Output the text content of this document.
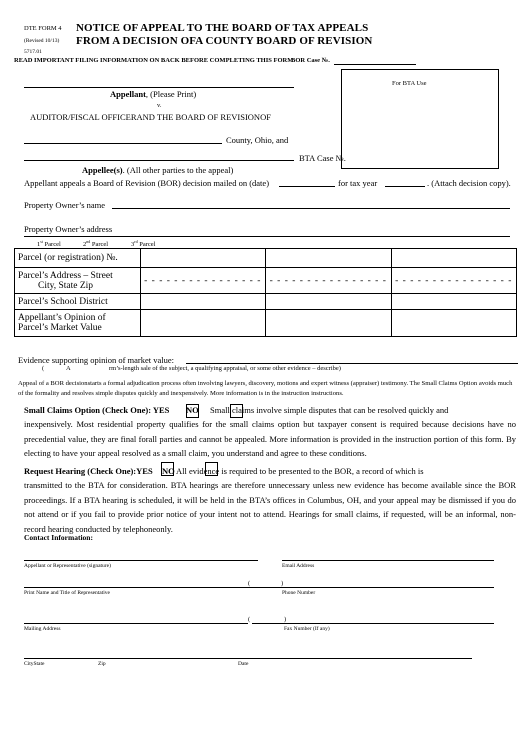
DTE FORM 4
(Revised 10/13)
5717.01
NOTICE OF APPEAL TO THE BOARD OF TAX APPEALS
FROM A DECISION OFA COUNTY BOARD OF REVISION
READ IMPORTANT FILING INFORMATION ON BACK BEFORE COMPLETING THIS FORM
BOR Case №.
For BTA Use
Appellant, (Please Print)
v.
AUDITOR/FISCAL OFFICERAND THE BOARD OF REVISIONOF
County, Ohio, and
BTA Case №.
Appellee(s). (All other parties to the appeal)
Appellant appeals a Board of Revision (BOR) decision mailed on (date)	for tax year	. (Attach decision copy).
Property Owner’s name
Property Owner’s address
1st Parcel	2nd Parcel	3rd Parcel
Parcel (or registration) №.			

Parcel’s Address – Street
City, State Zip	- - - - - - - - - - - - - - - -	- - - - - - - - - - - - - - - -	- - - - - - - - - - - - - - - -
Parcel’s School District			

Appellant’s Opinion of
Parcel’s Market Value			

Evidence supporting opinion of market value:
(	A	rm’s-length sale of the subject, a qualifying appraisal, or some other evidence – describe)
Appeal of a BOR decisionstarts a formal adjudication process often involving lawyers, discovery, motions and expert witness (appraiser) testimony. The Small Claims Option avoids much of the formality and resolves simple disputes quickly and inexpensively. More information is in the instruction instructions.
Small Claims Option (Check One): YES NO Small claims involve simple disputes that can be resolved quickly and
inexpensively. Most residential property qualifies for the small claims option but taxpayer consent is required because decisions have no precedential value, they are final forall parties and cannot be appealed. More information is provided in the instruction portion of this form. By electing to have your appeal resolved as a small claim, you understand and agree to these conditions.
Request Hearing (Check One):YES NO All evidence is required to be presented to the BOR, a record of which is
transmitted to the BTA for consideration. BTA hearings are therefore unnecessary unless new evidence has become available since the BOR proceedings. If a BTA hearing is scheduled, it will be held in the BTA’s offices in Columbus, OH, and your appeal may be dismissed if you do not attend or if you fail to provide prior notice of your intent not to attend. Hearings for small claims, if requested, will be an informal, non-record hearing conducted by telephoneonly.
Contact Information:
Appellant or Representative (signature)	Email Address
(	)
Print Name and Title of Representative	Phone Number
(	)
Mailing Address	Fax Number (If any)
CityState	Zip	Date
